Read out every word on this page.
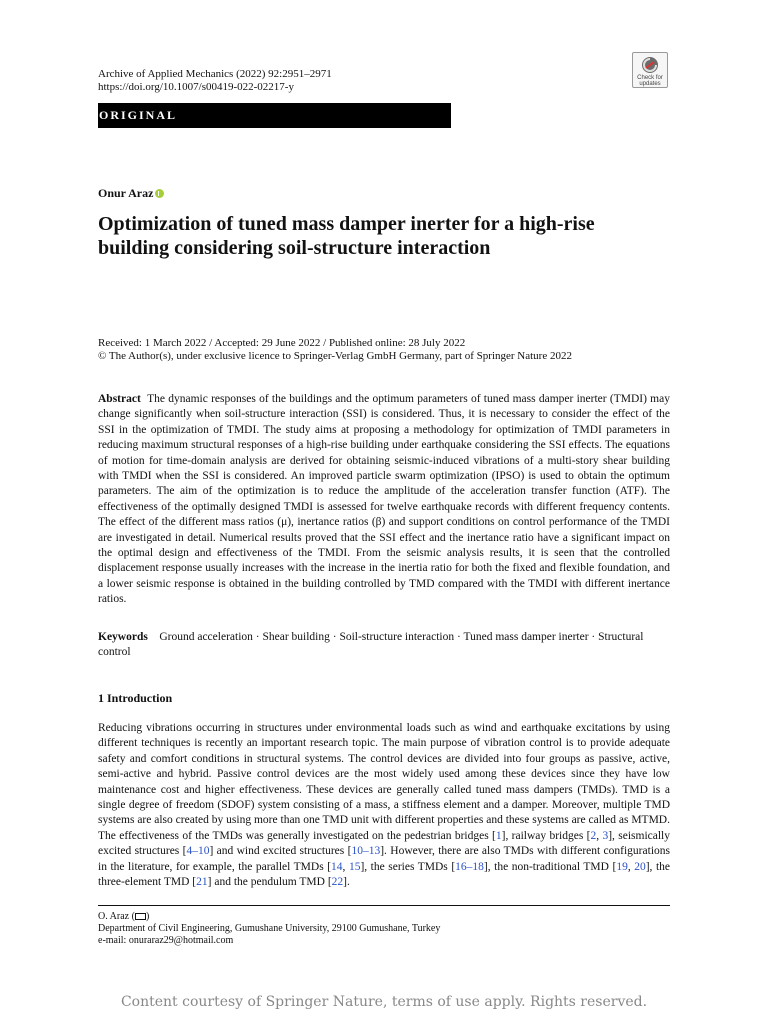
Archive of Applied Mechanics (2022) 92:2951–2971
https://doi.org/10.1007/s00419-022-02217-y
Check for
updates
ORIGINAL
Onur Araz
Optimization of tuned mass damper inerter for a high-rise building considering soil-structure interaction
Received: 1 March 2022 / Accepted: 29 June 2022 / Published online: 28 July 2022
© The Author(s), under exclusive licence to Springer-Verlag GmbH Germany, part of Springer Nature 2022

Abstract The dynamic responses of the buildings and the optimum parameters of tuned mass damper inerter (TMDI) may change significantly when soil-structure interaction (SSI) is considered. Thus, it is necessary to consider the effect of the SSI in the optimization of TMDI. The study aims at proposing a methodology for optimization of TMDI parameters in reducing maximum structural responses of a high-rise building under earthquake considering the SSI effects. The equations of motion for time-domain analysis are derived for obtaining seismic-induced vibrations of a multi-story shear building with TMDI when the SSI is considered. An improved particle swarm optimization (IPSO) is used to obtain the optimum parameters. The aim of the optimization is to reduce the amplitude of the acceleration transfer function (ATF). The effectiveness of the optimally designed TMDI is assessed for twelve earthquake records with different frequency contents. The effect of the different mass ratios (μ), inertance ratios (β) and support conditions on control performance of the TMDI are investigated in detail. Numerical results proved that the SSI effect and the inertance ratio have a significant impact on the optimal design and effectiveness of the TMDI. From the seismic analysis results, it is seen that the controlled displacement response usually increases with the increase in the inertia ratio for both the fixed and flexible foundation, and a lower seismic response is obtained in the building controlled by TMD compared with the TMDI with different inertance ratios.

Keywords Ground acceleration · Shear building · Soil-structure interaction · Tuned mass damper inerter · Structural control

1 Introduction

Reducing vibrations occurring in structures under environmental loads such as wind and earthquake excitations by using different techniques is recently an important research topic. The main purpose of vibration control is to provide adequate safety and comfort conditions in structural systems. The control devices are divided into four groups as passive, active, semi-active and hybrid. Passive control devices are the most widely used among these devices since they have low maintenance cost and higher effectiveness. These devices are generally called tuned mass dampers (TMDs). TMD is a single degree of freedom (SDOF) system consisting of a mass, a stiffness element and a damper. Moreover, multiple TMD systems are also created by using more than one TMD unit with different properties and these systems are called as MTMD. The effectiveness of the TMDs was generally investigated on the pedestrian bridges [1], railway bridges [2, 3], seismically excited structures [4–10] and wind excited structures [10–13]. However, there are also TMDs with different configurations in the literature, for example, the parallel TMDs [14, 15], the series TMDs [16–18], the non-traditional TMD [19, 20], the three-element TMD [21] and the pendulum TMD [22].

O. Araz ( )
Department of Civil Engineering, Gumushane University, 29100 Gumushane, Turkey
e-mail: onuraraz29@hotmail.com
Content courtesy of Springer Nature, terms of use apply. Rights reserved.
